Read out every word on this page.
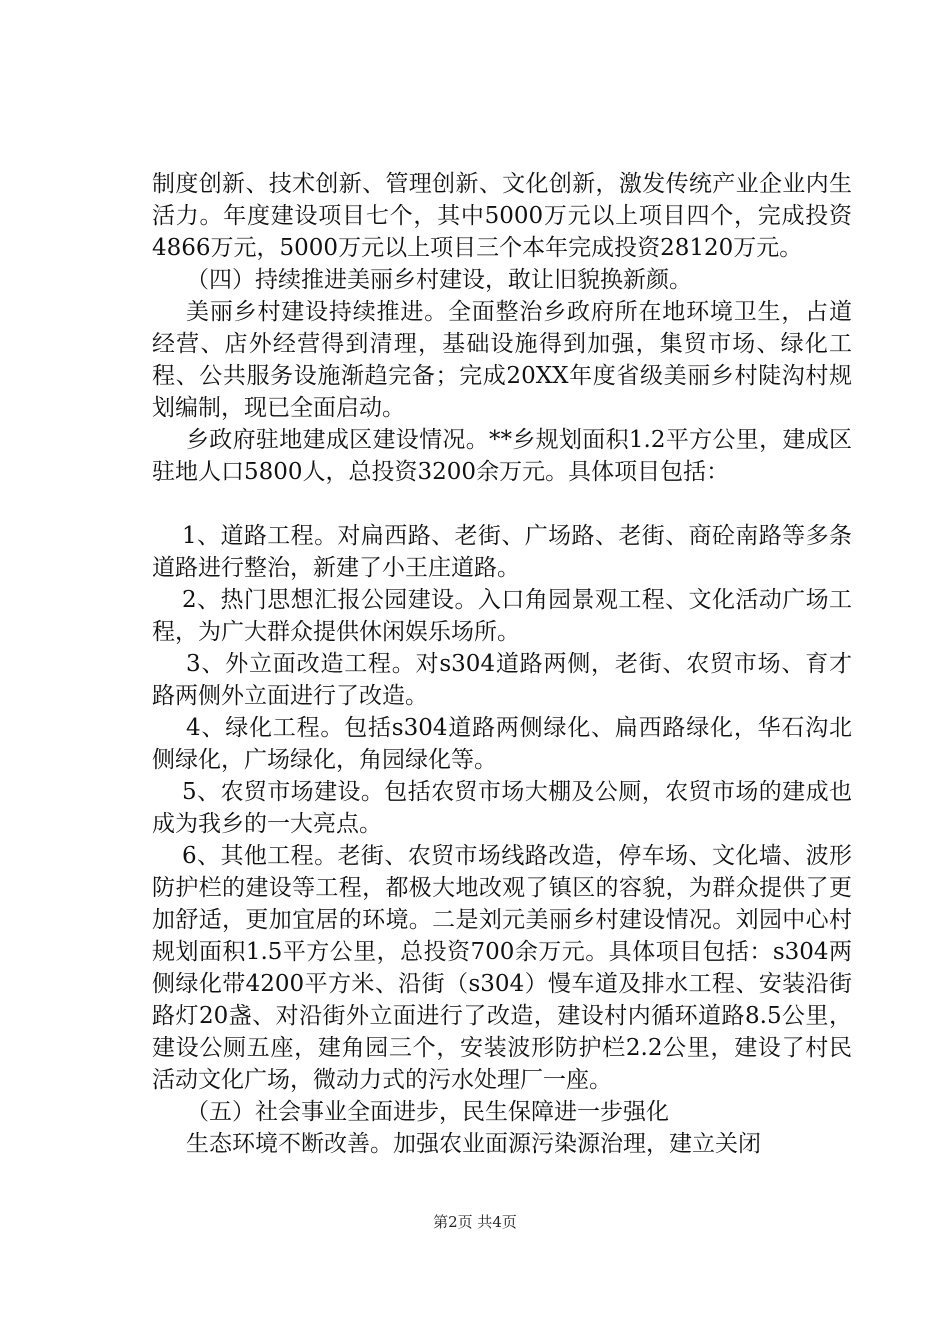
制度创新、技术创新、管理创新、文化创新，激发传统产业企业内生活力。年度建设项目七个，其中5000万元以上项目四个，完成投资4866万元，5000万元以上项目三个本年完成投资28120万元。

（四）持续推进美丽乡村建设，敢让旧貌换新颜。

美丽乡村建设持续推进。全面整治乡政府所在地环境卫生，占道经营、店外经营得到清理，基础设施得到加强，集贸市场、绿化工程、公共服务设施渐趋完备；完成20XX年度省级美丽乡村陡沟村规划编制，现已全面启动。

乡政府驻地建成区建设情况。**乡规划面积1.2平方公里，建成区驻地人口5800人，总投资3200余万元。具体项目包括：

1、道路工程。对扁西路、老街、广场路、老街、商砼南路等多条道路进行整治，新建了小王庄道路。

2、热门思想汇报公园建设。入口角园景观工程、文化活动广场工程，为广大群众提供休闲娱乐场所。

3、外立面改造工程。对s304道路两侧，老街、农贸市场、育才路两侧外立面进行了改造。

4、绿化工程。包括s304道路两侧绿化、扁西路绿化，华石沟北侧绿化，广场绿化，角园绿化等。

5、农贸市场建设。包括农贸市场大棚及公厕，农贸市场的建成也成为我乡的一大亮点。

6、其他工程。老街、农贸市场线路改造，停车场、文化墙、波形防护栏的建设等工程，都极大地改观了镇区的容貌，为群众提供了更加舒适，更加宜居的环境。二是刘元美丽乡村建设情况。刘园中心村规划面积1.5平方公里，总投资700余万元。具体项目包括：s304两侧绿化带4200平方米、沿街（s304）慢车道及排水工程、安装沿街路灯20盏、对沿街外立面进行了改造，建设村内循环道路8.5公里，建设公厕五座，建角园三个，安装波形防护栏2.2公里，建设了村民活动文化广场，微动力式的污水处理厂一座。

（五）社会事业全面进步，民生保障进一步强化

生态环境不断改善。加强农业面源污染源治理，建立关闭

第2页 共4页
